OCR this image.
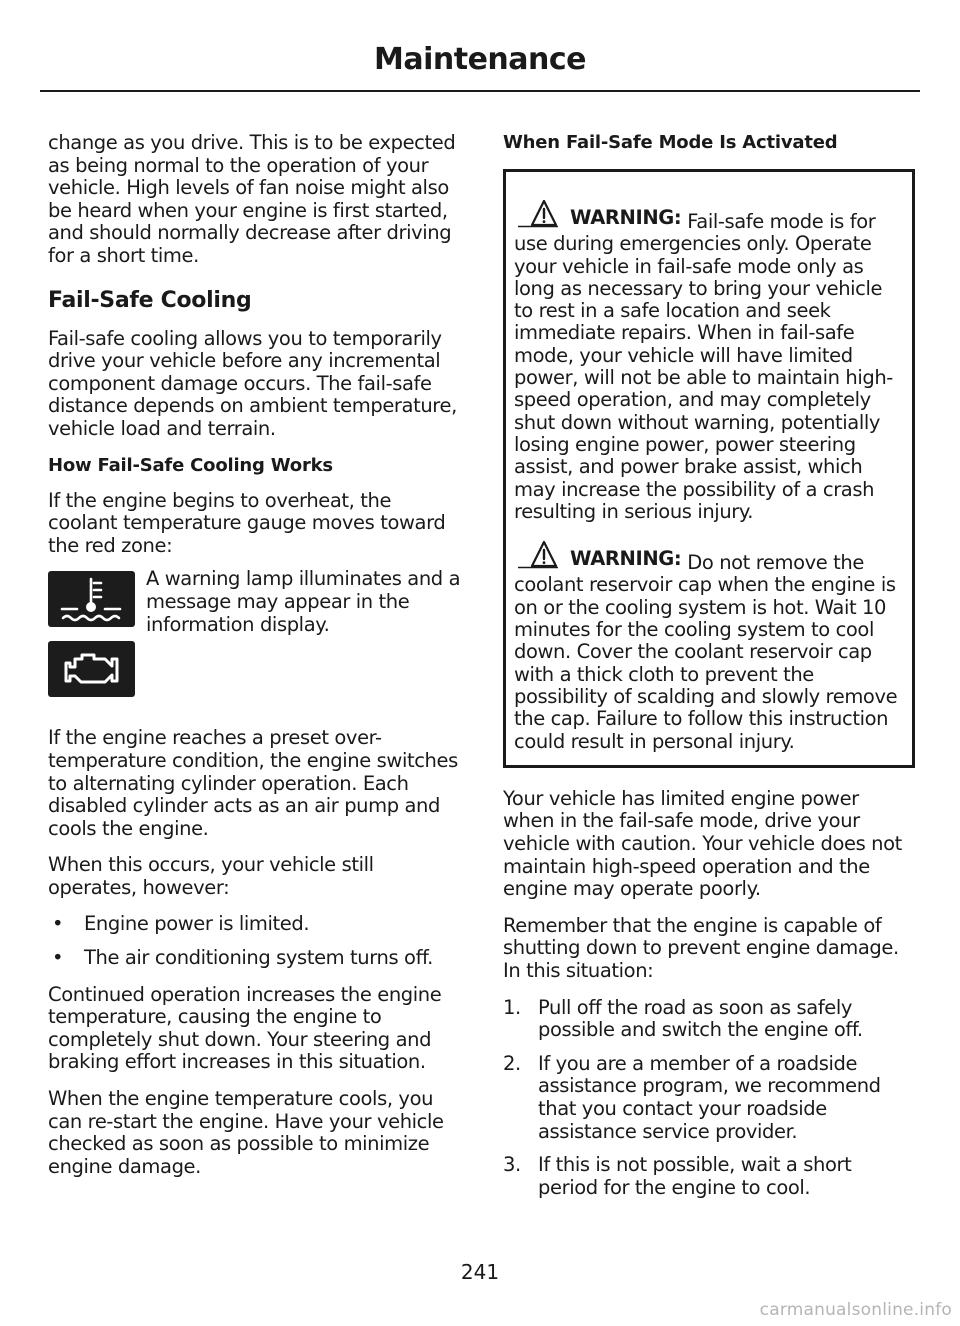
Maintenance

change as you drive. This is to be expected as being normal to the operation of your vehicle. High levels of fan noise might also be heard when your engine is first started, and should normally decrease after driving for a short time.

Fail-Safe Cooling

Fail-safe cooling allows you to temporarily drive your vehicle before any incremental component damage occurs. The fail-safe distance depends on ambient temperature, vehicle load and terrain.

How Fail-Safe Cooling Works

If the engine begins to overheat, the coolant temperature gauge moves toward the red zone:

A warning lamp illuminates and a message may appear in the information display.

If the engine reaches a preset over-temperature condition, the engine switches to alternating cylinder operation. Each disabled cylinder acts as an air pump and cools the engine.

When this occurs, your vehicle still operates, however:

• Engine power is limited.
• The air conditioning system turns off.

Continued operation increases the engine temperature, causing the engine to completely shut down. Your steering and braking effort increases in this situation.

When the engine temperature cools, you can re-start the engine. Have your vehicle checked as soon as possible to minimize engine damage.

When Fail-Safe Mode Is Activated

WARNING: Fail-safe mode is for use during emergencies only. Operate your vehicle in fail-safe mode only as long as necessary to bring your vehicle to rest in a safe location and seek immediate repairs. When in fail-safe mode, your vehicle will have limited power, will not be able to maintain high-speed operation, and may completely shut down without warning, potentially losing engine power, power steering assist, and power brake assist, which may increase the possibility of a crash resulting in serious injury.

WARNING: Do not remove the coolant reservoir cap when the engine is on or the cooling system is hot. Wait 10 minutes for the cooling system to cool down. Cover the coolant reservoir cap with a thick cloth to prevent the possibility of scalding and slowly remove the cap. Failure to follow this instruction could result in personal injury.

Your vehicle has limited engine power when in the fail-safe mode, drive your vehicle with caution. Your vehicle does not maintain high-speed operation and the engine may operate poorly.

Remember that the engine is capable of shutting down to prevent engine damage. In this situation:

1. Pull off the road as soon as safely possible and switch the engine off.
2. If you are a member of a roadside assistance program, we recommend that you contact your roadside assistance service provider.
3. If this is not possible, wait a short period for the engine to cool.
241
carmanualsonline.info
